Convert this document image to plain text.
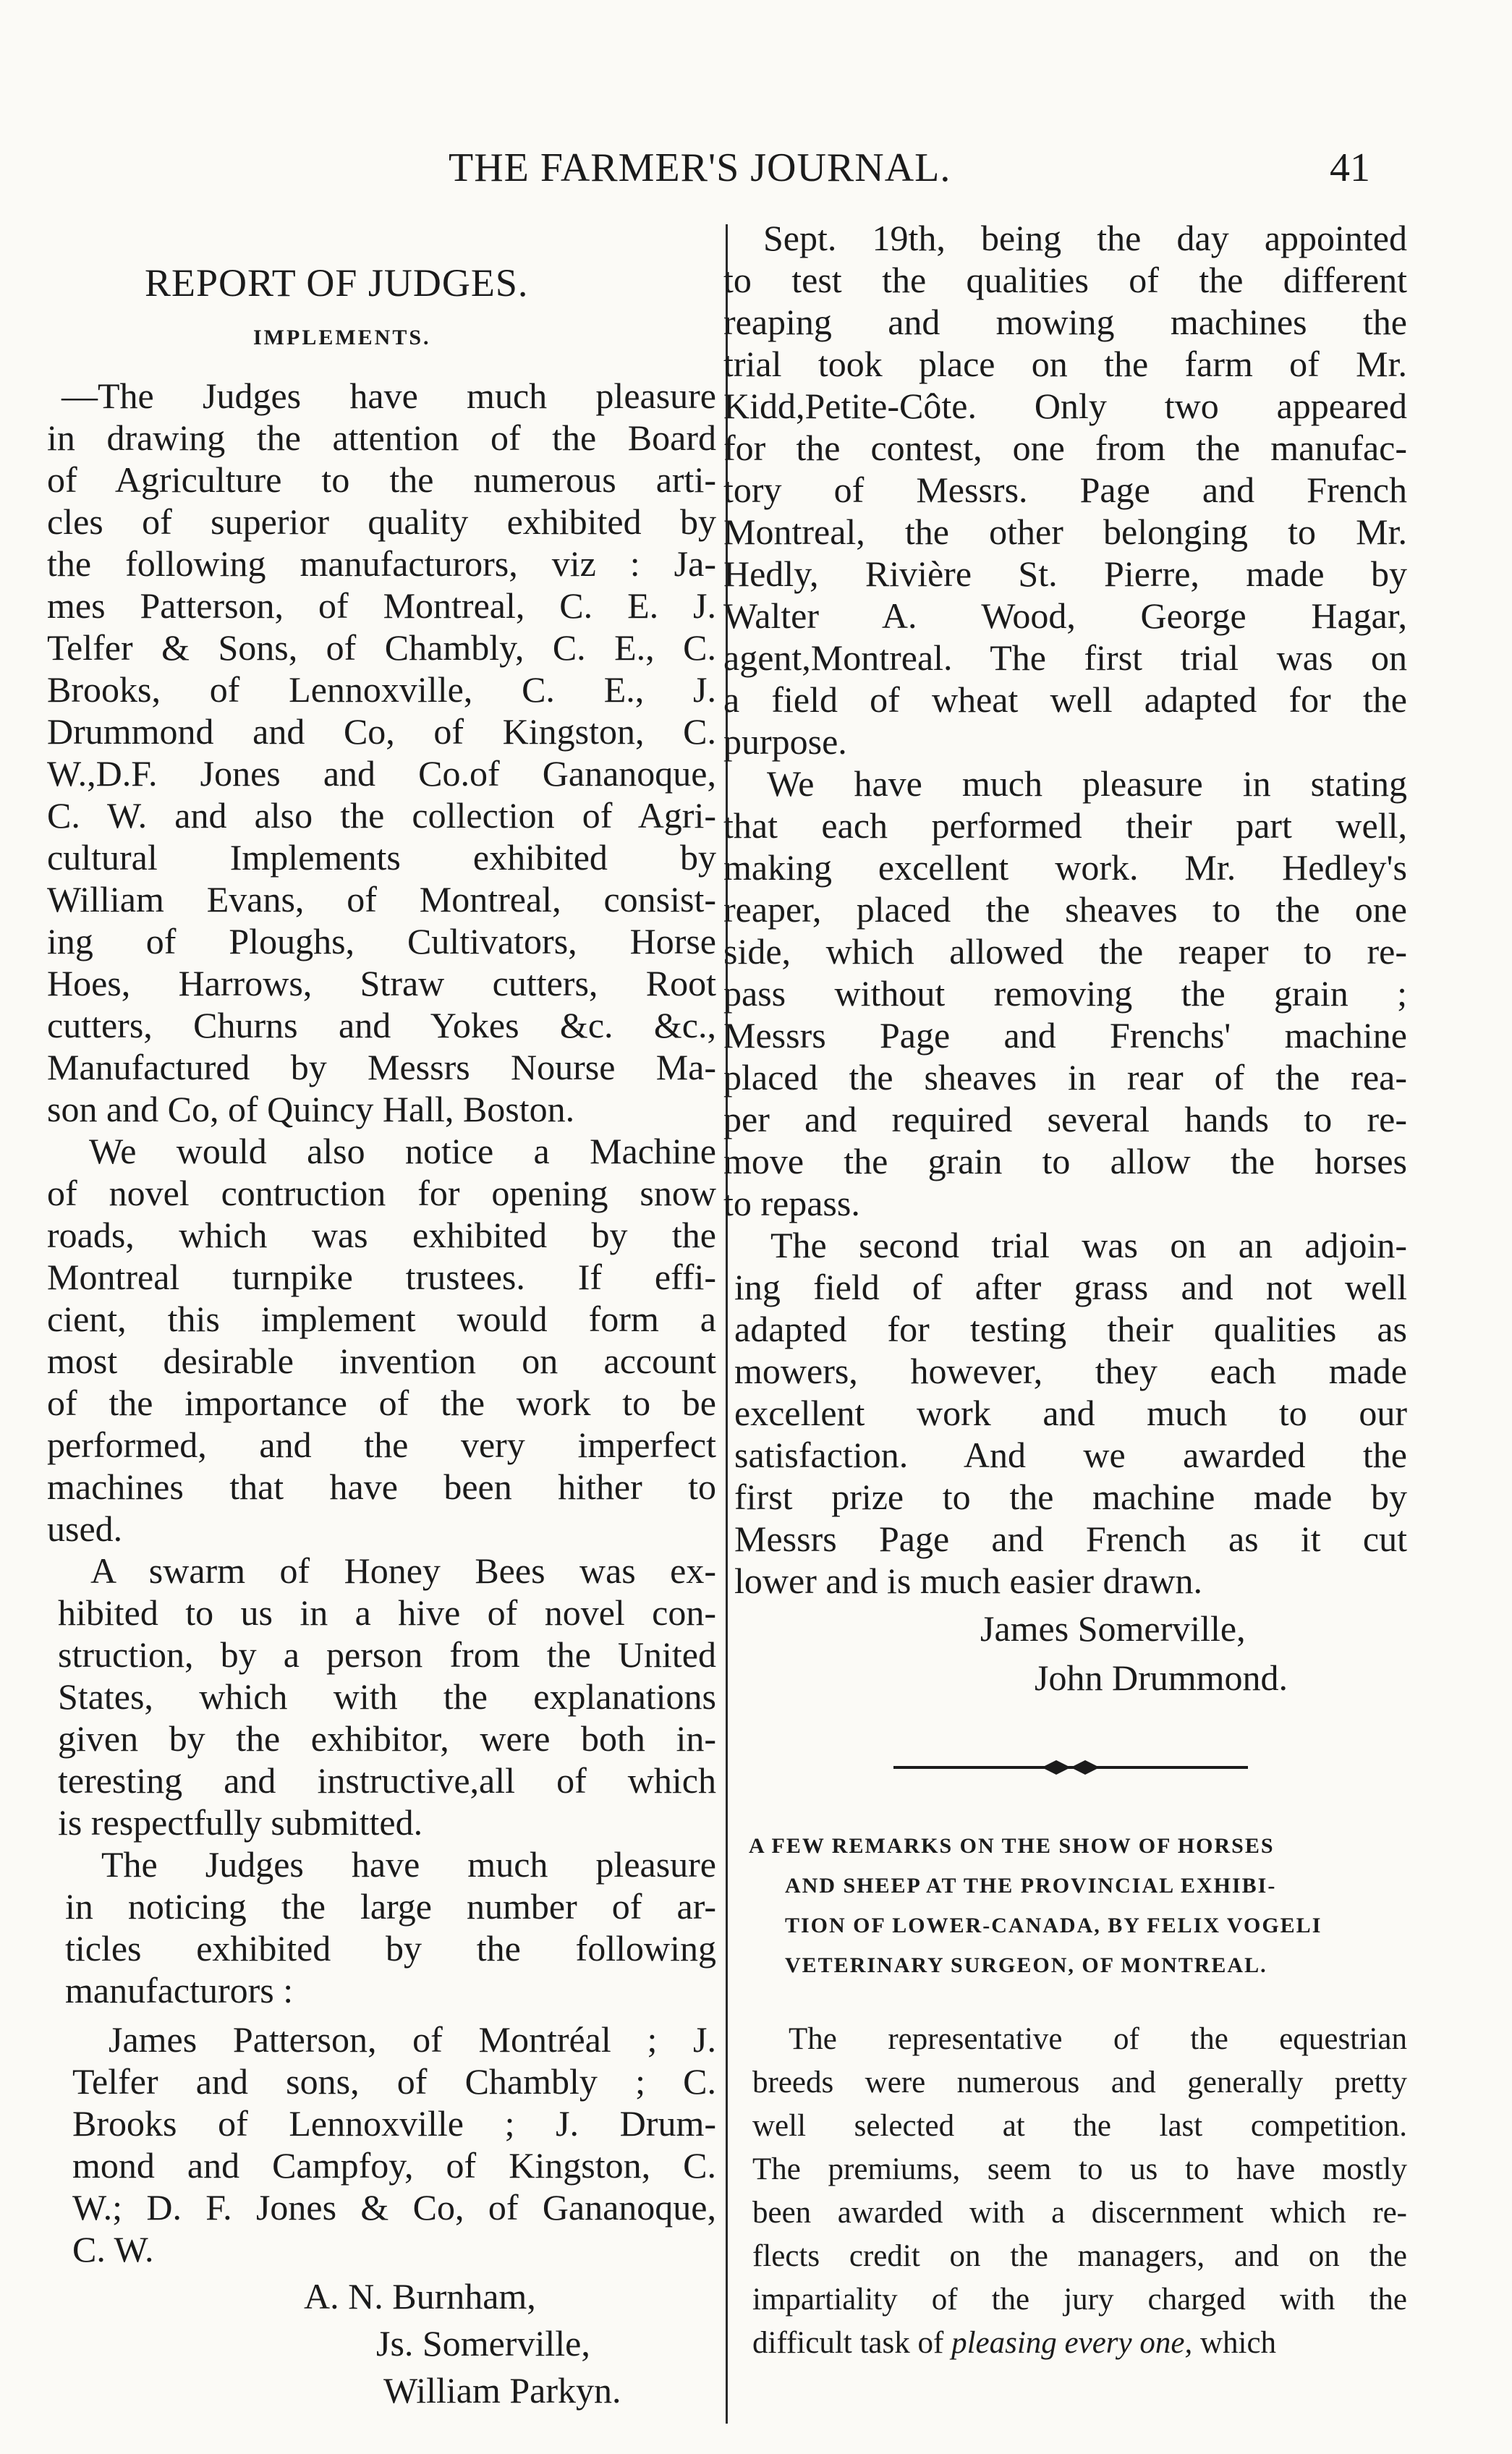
THE FARMER'S JOURNAL.	41
REPORT OF JUDGES.
IMPLEMENTS.
—The Judges have much pleasure
in drawing the attention of the Board
of Agriculture to the numerous arti-
cles of superior quality exhibited by
the following manufacturors, viz : Ja-
mes Patterson, of Montreal, C. E. J.
Telfer & Sons, of Chambly, C. E., C.
Brooks, of Lennoxville, C. E., J.
Drummond and Co, of Kingston, C.
W.,D.F. Jones and Co.of Gananoque,
C. W. and also the collection of Agri-
cultural Implements exhibited by
William Evans, of Montreal, consist-
ing of Ploughs, Cultivators, Horse
Hoes, Harrows, Straw cutters, Root
cutters, Churns and Yokes &c. &c.,
Manufactured by Messrs Nourse Ma-
son and Co, of Quincy Hall, Boston.
We would also notice a Machine
of novel contruction for opening snow
roads, which was exhibited by the
Montreal turnpike trustees. If effi-
cient, this implement would form a
most desirable invention on account
of the importance of the work to be
performed, and the very imperfect
machines that have been hither to
used.
A swarm of Honey Bees was ex-
hibited to us in a hive of novel con-
struction, by a person from the United
States, which with the explanations
given by the exhibitor, were both in-
teresting and instructive,all of which
is respectfully submitted.
The Judges have much pleasure
in noticing the large number of ar-
ticles exhibited by the following
manufacturors :
James Patterson, of Montréal ; J.
Telfer and sons, of Chambly ; C.
Brooks of Lennoxville ; J. Drum-
mond and Campfoy, of Kingston, C.
W.; D. F. Jones & Co, of Gananoque,
C. W.
A. N. Burnham,
Js. Somerville,
William Parkyn.
Sept. 19th, being the day appointed
to test the qualities of the different
reaping and mowing machines the
trial took place on the farm of Mr.
Kidd,Petite-Côte. Only two appeared
for the contest, one from the manufac-
tory of Messrs. Page and French
Montreal, the other belonging to Mr.
Hedly, Rivière St. Pierre, made by
Walter A. Wood, George Hagar,
agent,Montreal. The first trial was on
a field of wheat well adapted for the
purpose.
We have much pleasure in stating
that each performed their part well,
making excellent work. Mr. Hedley's
reaper, placed the sheaves to the one
side, which allowed the reaper to re-
pass without removing the grain ;
Messrs Page and Frenchs' machine
placed the sheaves in rear of the rea-
per and required several hands to re-
move the grain to allow the horses
to repass.
The second trial was on an adjoin-
ing field of after grass and not well
adapted for testing their qualities as
mowers, however, they each made
excellent work and much to our
satisfaction. And we awarded the
first prize to the machine made by
Messrs Page and French as it cut
lower and is much easier drawn.
James Somerville,
John Drummond.
A FEW REMARKS ON THE SHOW OF HORSES
AND SHEEP AT THE PROVINCIAL EXHIBI-
TION OF LOWER-CANADA, BY FELIX VOGELI
VETERINARY SURGEON, OF MONTREAL.
The representative of the equestrian
breeds were numerous and generally pretty
well selected at the last competition.
The premiums, seem to us to have mostly
been awarded with a discernment which re-
flects credit on the managers, and on the
impartiality of the jury charged with the
difficult task of pleasing every one, which
